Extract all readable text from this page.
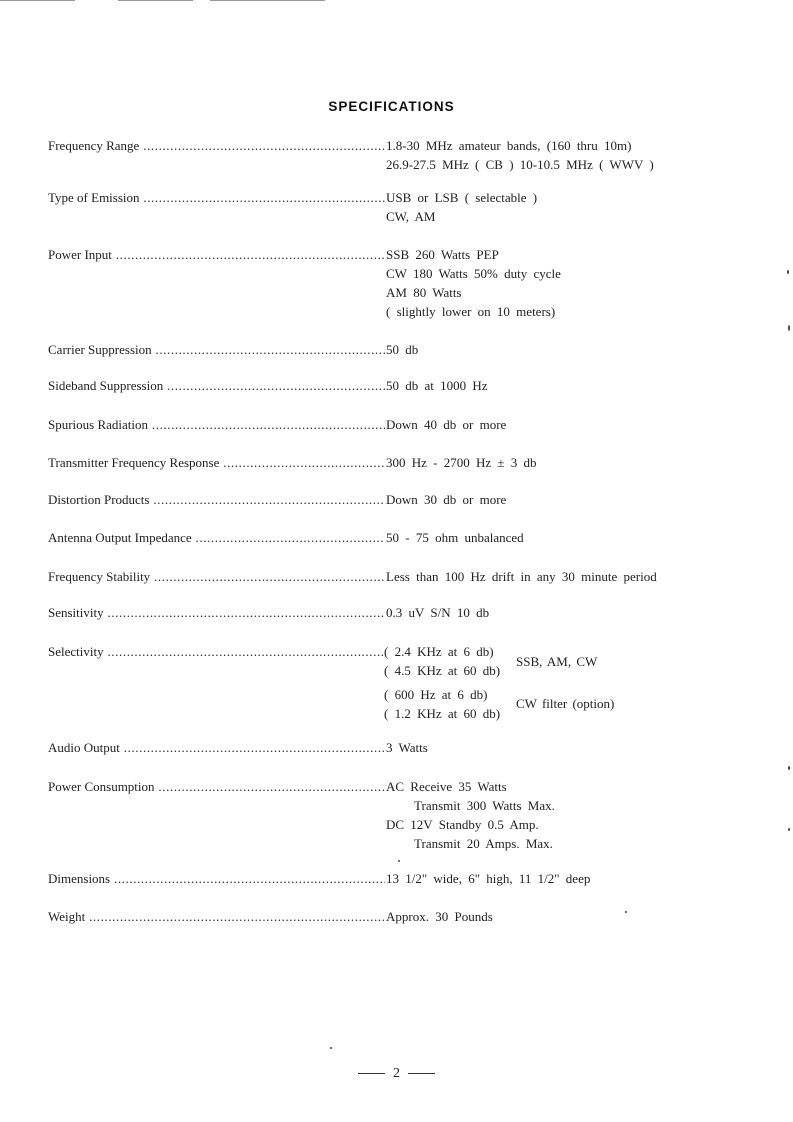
SPECIFICATIONS
Frequency Range .....	1.8-30 MHz amateur bands, (160 thru 10m)
26.9-27.5 MHz ( CB ) 10-10.5 MHz ( WWV )
Type of Emission .....	USB or LSB ( selectable )
CW, AM
Power Input .....	SSB 260 Watts PEP
CW 180 Watts 50% duty cycle
AM 80 Watts
( slightly lower on 10 meters)
Carrier Suppression .....	50 db
Sideband Suppression .....	50 db at 1000 Hz
Spurious Radiation .....	Down 40 db or more
Transmitter Frequency Response .....	300 Hz - 2700 Hz ± 3 db
Distortion Products .....	Down 30 db or more
Antenna Output Impedance .....	50 - 75 ohm unbalanced
Frequency Stability .....	Less than 100 Hz drift in any 30 minute period
Sensitivity .....	0.3 uV S/N 10 db
Selectivity .....	( 2.4 KHz at 6 db)
( 4.5 KHz at 60 db)
SSB, AM, CW
( 600 Hz at 6 db)
( 1.2 KHz at 60 db)
CW filter (option)
Audio Output .....	3 Watts
Power Consumption .....	AC Receive 35 Watts
Transmit 300 Watts Max.
DC 12V Standby 0.5 Amp.
Transmit 20 Amps. Max.
Dimensions .....	13 1/2" wide, 6" high, 11 1/2" deep
Weight .....	Approx. 30 Pounds
2
